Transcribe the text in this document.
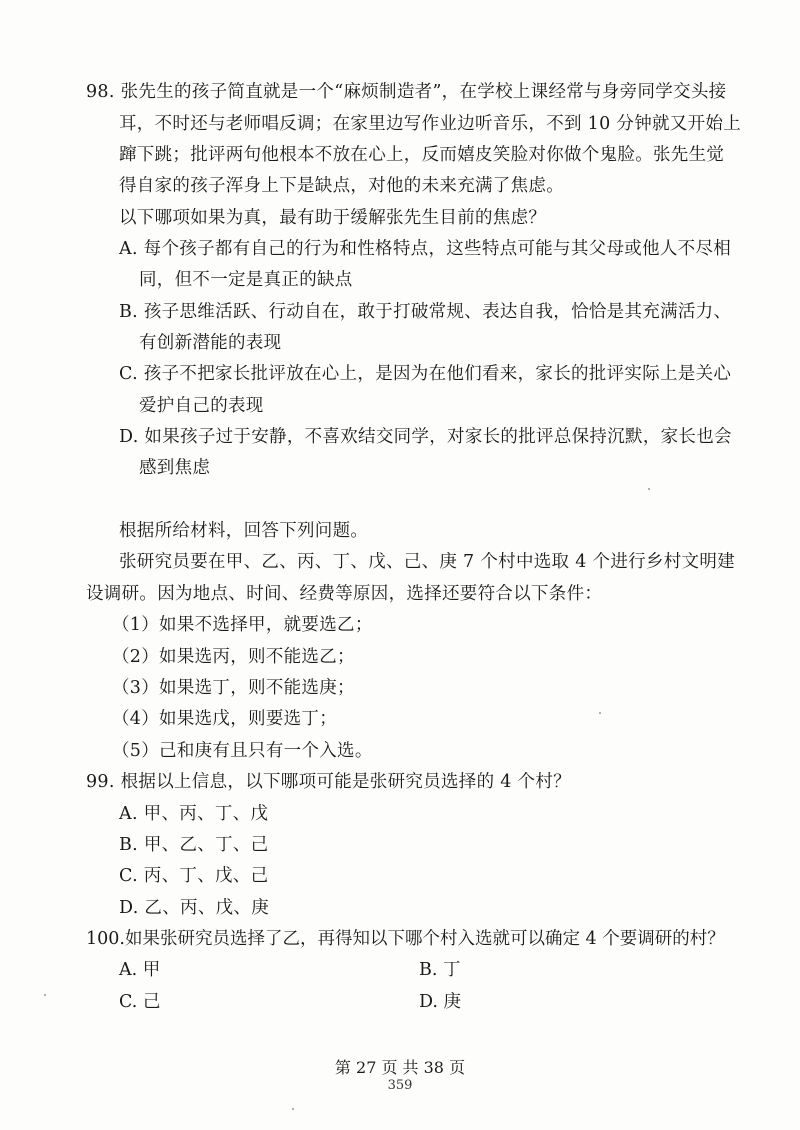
98. 张先生的孩子简直就是一个“麻烦制造者”，在学校上课经常与身旁同学交头接
耳，不时还与老师唱反调；在家里边写作业边听音乐，不到 10 分钟就又开始上
蹿下跳；批评两句他根本不放在心上，反而嬉皮笑脸对你做个鬼脸。张先生觉
得自家的孩子浑身上下是缺点，对他的未来充满了焦虑。
以下哪项如果为真，最有助于缓解张先生目前的焦虑？
A. 每个孩子都有自己的行为和性格特点，这些特点可能与其父母或他人不尽相
同，但不一定是真正的缺点
B. 孩子思维活跃、行动自在，敢于打破常规、表达自我，恰恰是其充满活力、
有创新潜能的表现
C. 孩子不把家长批评放在心上，是因为在他们看来，家长的批评实际上是关心
爱护自己的表现
D. 如果孩子过于安静，不喜欢结交同学，对家长的批评总保持沉默，家长也会
感到焦虑
根据所给材料，回答下列问题。
张研究员要在甲、乙、丙、丁、戊、己、庚 7 个村中选取 4 个进行乡村文明建
设调研。因为地点、时间、经费等原因，选择还要符合以下条件：
（1）如果不选择甲，就要选乙；
（2）如果选丙，则不能选乙；
（3）如果选丁，则不能选庚；
（4）如果选戊，则要选丁；
（5）己和庚有且只有一个入选。
99. 根据以上信息，以下哪项可能是张研究员选择的 4 个村？
A. 甲、丙、丁、戊
B. 甲、乙、丁、己
C. 丙、丁、戊、己
D. 乙、丙、戊、庚
100.如果张研究员选择了乙，再得知以下哪个村入选就可以确定 4 个要调研的村？
A. 甲	B. 丁
C. 己	D. 庚
第 27 页 共 38 页
359
